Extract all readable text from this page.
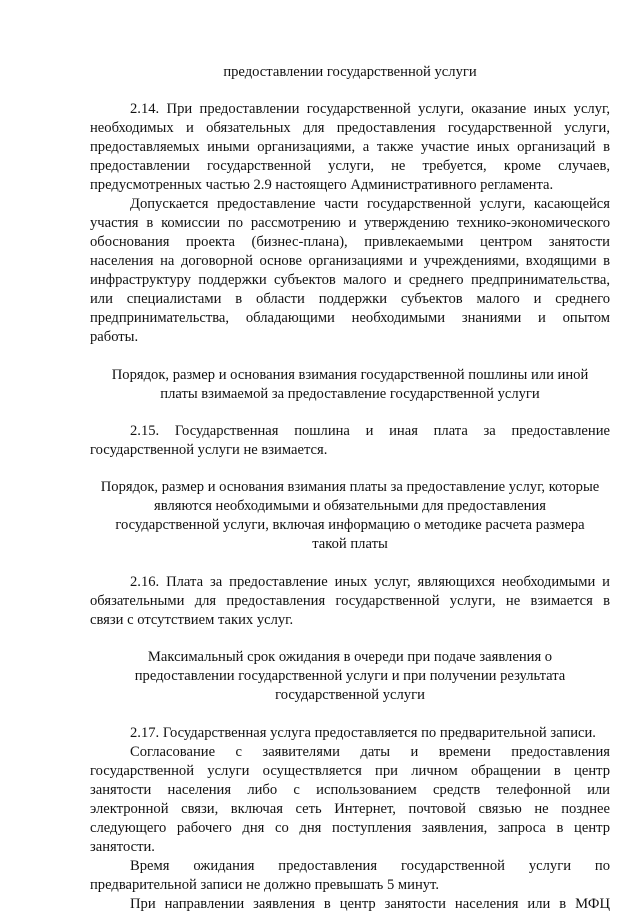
предоставлении государственной услуги
2.14. При предоставлении государственной услуги, оказание иных услуг,
необходимых и обязательных для предоставления государственной услуги,
предоставляемых иными организациями, а также участие иных организаций в
предоставлении государственной услуги, не требуется, кроме случаев,
предусмотренных частью 2.9 настоящего Административного регламента.
Допускается предоставление части государственной услуги, касающейся
участия в комиссии по рассмотрению и утверждению технико-экономического
обоснования проекта (бизнес-плана), привлекаемыми центром занятости
населения на договорной основе организациями и учреждениями, входящими в
инфраструктуру поддержки субъектов малого и среднего предпринимательства,
или специалистами в области поддержки субъектов малого и среднего
предпринимательства, обладающими необходимыми знаниями и опытом
работы.
Порядок, размер и основания взимания государственной пошлины или иной
платы взимаемой за предоставление государственной услуги
2.15. Государственная пошлина и иная плата за предоставление
государственной услуги не взимается.
Порядок, размер и основания взимания платы за предоставление услуг, которые
являются необходимыми и обязательными для предоставления
государственной услуги, включая информацию о методике расчета размера
такой платы
2.16. Плата за предоставление иных услуг, являющихся необходимыми и
обязательными для предоставления государственной услуги, не взимается в
связи с отсутствием таких услуг.
Максимальный срок ожидания в очереди при подаче заявления о
предоставлении государственной услуги и при получении результата
государственной услуги
2.17. Государственная услуга предоставляется по предварительной записи.
Согласование с заявителями даты и времени предоставления
государственной услуги осуществляется при личном обращении в центр
занятости населения либо с использованием средств телефонной или
электронной связи, включая сеть Интернет, почтовой связью не позднее
следующего рабочего дня со дня поступления заявления, запроса в центр
занятости.
Время ожидания предоставления государственной услуги по
предварительной записи не должно превышать 5 минут.
При направлении заявления в центр занятости населения или в МФЦ
